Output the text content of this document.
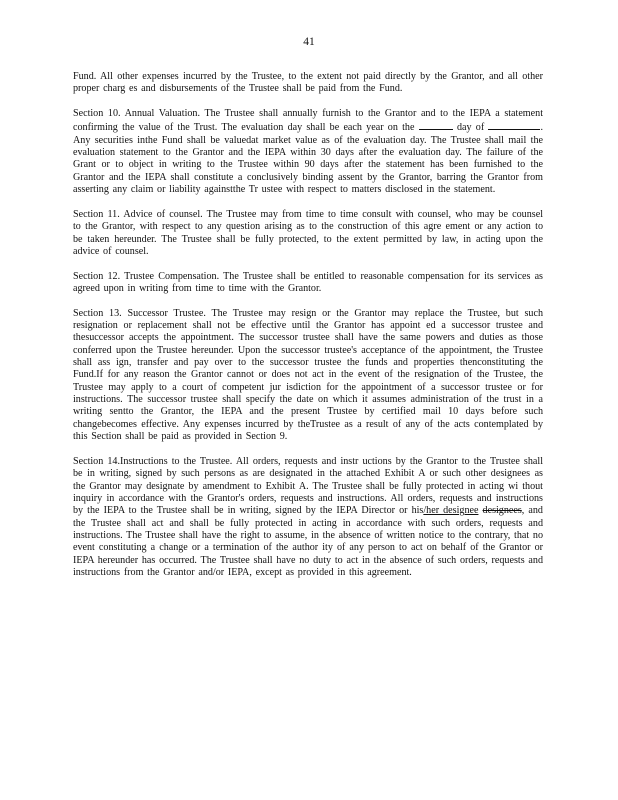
41

Fund. All other expenses incurred by the Trustee, to the extent not paid directly by the Grantor, and all other proper charg es and disbursements of the Trustee shall be paid from the Fund.

Section 10. Annual Valuation. The Trustee shall annually furnish to the Grantor and to the IEPA a statement confirming the value of the Trust. The evaluation day shall be each year on the	day of	. Any securities inthe Fund shall be valuedat market value as of the evaluation day. The Trustee shall mail the evaluation statement to the Grantor and the IEPA within 30 days after the evaluation day. The failure of the Grant or to object in writing to the Trustee within 90 days after the statement has been furnished to the Grantor and the IEPA shall constitute a conclusively binding assent by the Grantor, barring the Grantor from asserting any claim or liability againstthe Tr ustee with respect to matters disclosed in the statement.

Section 11. Advice of counsel. The Trustee may from time to time consult with counsel, who may be counsel to the Grantor, with respect to any question arising as to the construction of this agre ement or any action to be taken hereunder. The Trustee shall be fully protected, to the extent permitted by law, in acting upon the advice of counsel.

Section 12. Trustee Compensation. The Trustee shall be entitled to reasonable compensation for its services as agreed upon in writing from time to time with the Grantor.

Section 13. Successor Trustee. The Trustee may resign or the Grantor may replace the Trustee, but such resignation or replacement shall not be effective until the Grantor has appoint ed a successor trustee and thesuccessor accepts the appointment. The successor trustee shall have the same powers and duties as those conferred upon the Trustee hereunder. Upon the successor trustee's acceptance of the appointment, the Trustee shall ass ign, transfer and pay over to the successor trustee the funds and properties thenconstituting the Fund.If for any reason the Grantor cannot or does not act in the event of the resignation of the Trustee, the Trustee may apply to a court of competent jur isdiction for the appointment of a successor trustee or for instructions. The successor trustee shall specify the date on which it assumes administration of the trust in a writing sentto the Grantor, the IEPA and the present Trustee by certified mail 10 days before such changebecomes effective. Any expenses incurred by theTrustee as a result of any of the acts contemplated by this Section shall be paid as provided in Section 9.

Section 14.Instructions to the Trustee. All orders, requests and instr uctions by the Grantor to the Trustee shall be in writing, signed by such persons as are designated in the attached Exhibit A or such other designees as the Grantor may designate by amendment to Exhibit A. The Trustee shall be fully protected in acting wi thout inquiry in accordance with the Grantor's orders, requests and instructions. All orders, requests and instructions by the IEPA to the Trustee shall be in writing, signed by the IEPA Director or his/her designee designees, and the Trustee shall act and shall be fully protected in acting in accordance with such orders, requests and instructions. The Trustee shall have the right to assume, in the absence of written notice to the contrary, that no event constituting a change or a termination of the author ity of any person to act on behalf of the Grantor or IEPA hereunder has occurred. The Trustee shall have no duty to act in the absence of such orders, requests and instructions from the Grantor and/or IEPA, except as provided in this agreement.
